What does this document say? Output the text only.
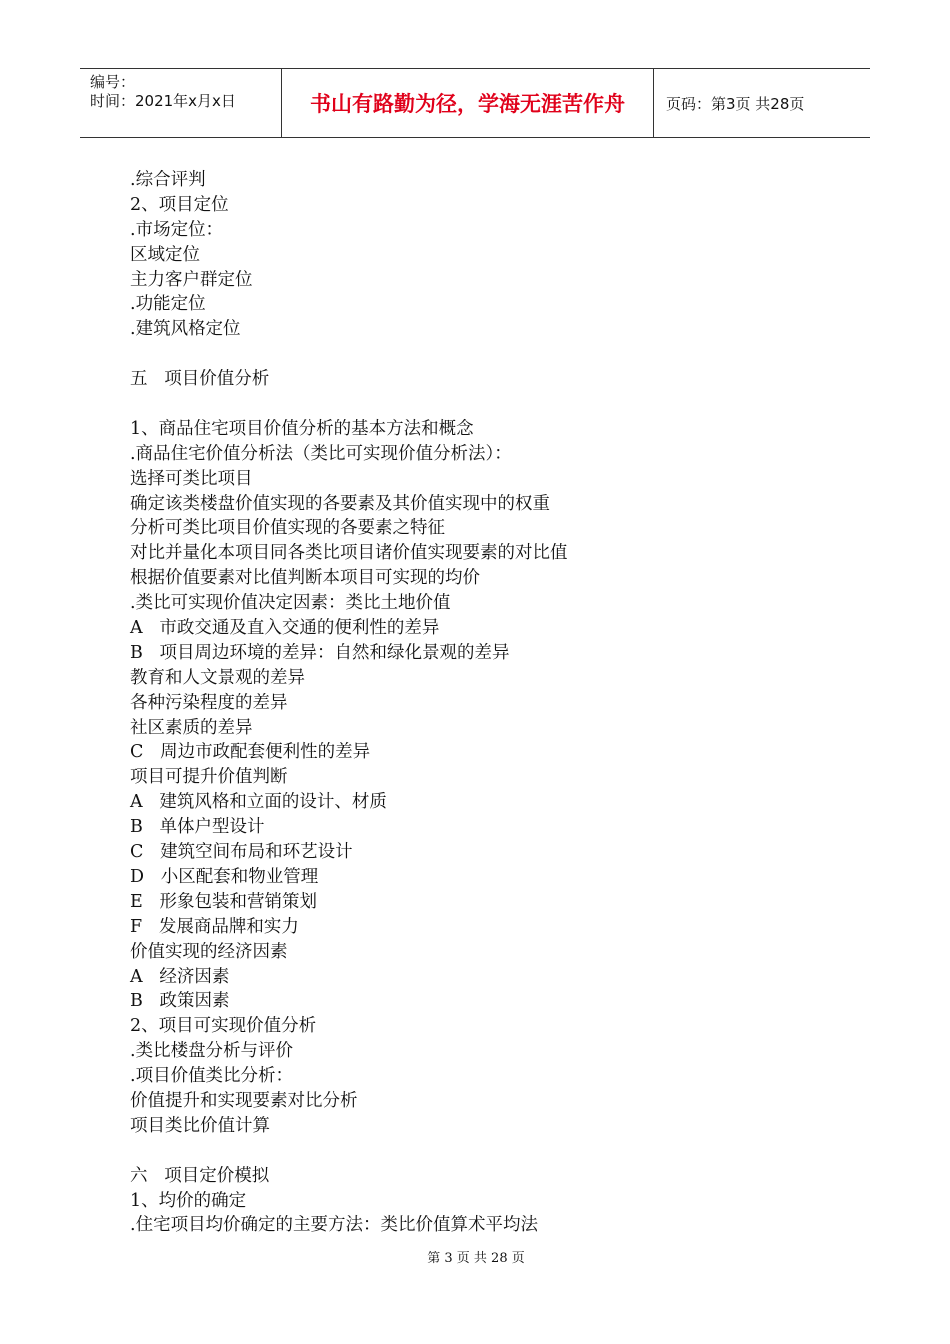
编号：
时间：2021年x月x日	书山有路勤为径，学海无涯苦作舟	页码：第3页 共28页
.综合评判
2、项目定位
.市场定位：
区域定位
主力客户群定位
.功能定位
.建筑风格定位
五   项目价值分析
1、商品住宅项目价值分析的基本方法和概念
.商品住宅价值分析法（类比可实现价值分析法）：
选择可类比项目
确定该类楼盘价值实现的各要素及其价值实现中的权重
分析可类比项目价值实现的各要素之特征
对比并量化本项目同各类比项目诸价值实现要素的对比值
根据价值要素对比值判断本项目可实现的均价
.类比可实现价值决定因素：类比土地价值
A   市政交通及直入交通的便利性的差异
B   项目周边环境的差异：自然和绿化景观的差异
教育和人文景观的差异
各种污染程度的差异
社区素质的差异
C   周边市政配套便利性的差异
项目可提升价值判断
A   建筑风格和立面的设计、材质
B   单体户型设计
C   建筑空间布局和环艺设计
D   小区配套和物业管理
E   形象包装和营销策划
F   发展商品牌和实力
价值实现的经济因素
A   经济因素
B   政策因素
2、项目可实现价值分析
.类比楼盘分析与评价
.项目价值类比分析：
价值提升和实现要素对比分析
项目类比价值计算
六   项目定价模拟
1、均价的确定
.住宅项目均价确定的主要方法：类比价值算术平均法
第 3 页 共 28 页
